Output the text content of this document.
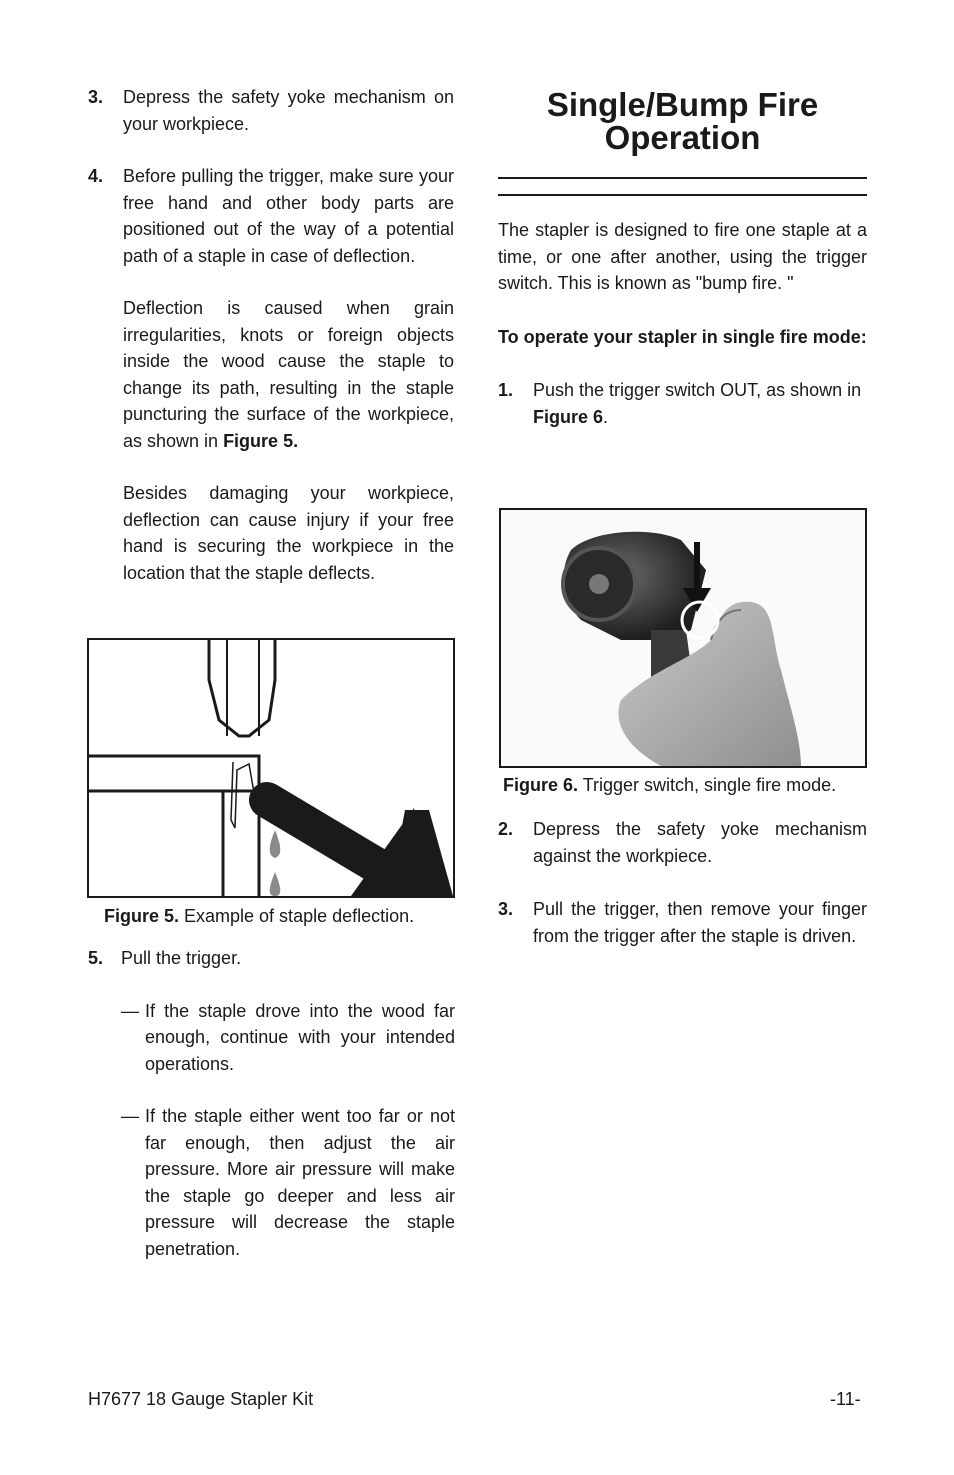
3. Depress the safety yoke mechanism on your workpiece.

4. Before pulling the trigger, make sure your free hand and other body parts are positioned out of the way of a potential path of a staple in case of deflection.

Deflection is caused when grain irregularities, knots or foreign objects inside the wood cause the staple to change its path, resulting in the staple puncturing the surface of the workpiece, as shown in Figure 5.

Besides damaging your workpiece, deflection can cause injury if your free hand is securing the workpiece in the location that the staple deflects.

Figure 5. Example of staple deflection.
5. Pull the trigger.

— If the staple drove into the wood far enough, continue with your intended operations.

— If the staple either went too far or not far enough, then adjust the air pressure. More air pressure will make the staple go deeper and less air pressure will decrease the staple penetration.

Single/Bump Fire
Operation

The stapler is designed to fire one staple at a time, or one after another, using the trigger switch. This is known as "bump fire. "

To operate your stapler in single fire mode:

1. Push the trigger switch OUT, as shown in Figure 6.

Figure 6. Trigger switch, single fire mode.
2. Depress the safety yoke mechanism against the workpiece.

3. Pull the trigger, then remove your finger from the trigger after the staple is driven.

H7677 18 Gauge Stapler Kit	-11-
